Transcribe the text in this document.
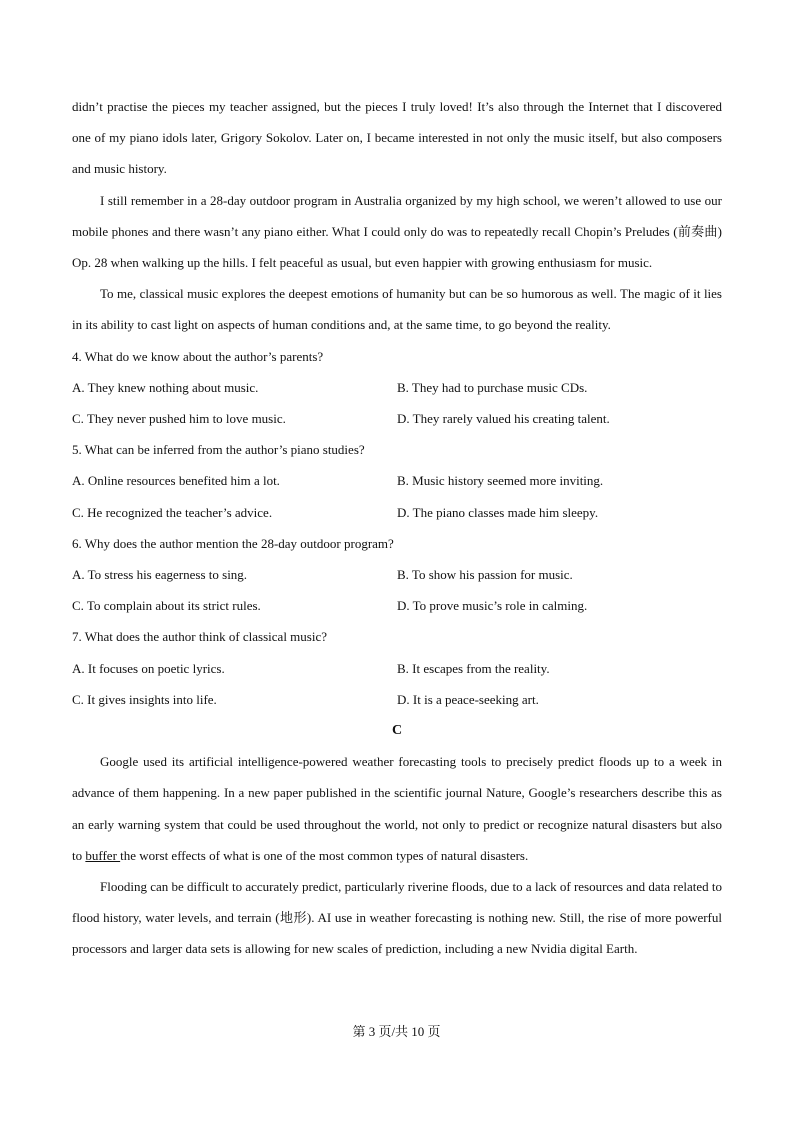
didn’t practise the pieces my teacher assigned, but the pieces I truly loved! It’s also through the Internet that I discovered one of my piano idols later, Grigory Sokolov. Later on, I became interested in not only the music itself, but also composers and music history.

I still remember in a 28-day outdoor program in Australia organized by my high school, we weren’t allowed to use our mobile phones and there wasn’t any piano either. What I could only do was to repeatedly recall Chopin’s Preludes (前奏曲) Op. 28 when walking up the hills. I felt peaceful as usual, but even happier with growing enthusiasm for music.

To me, classical music explores the deepest emotions of humanity but can be so humorous as well. The magic of it lies in its ability to cast light on aspects of human conditions and, at the same time, to go beyond the reality.

4. What do we know about the author’s parents?

A. They knew nothing about music.	B. They had to purchase music CDs.
C. They never pushed him to love music.	D. They rarely valued his creating talent.

5. What can be inferred from the author’s piano studies?

A. Online resources benefited him a lot.	B. Music history seemed more inviting.
C. He recognized the teacher’s advice.	D. The piano classes made him sleepy.

6. Why does the author mention the 28-day outdoor program?

A. To stress his eagerness to sing.	B. To show his passion for music.
C. To complain about its strict rules.	D. To prove music’s role in calming.

7. What does the author think of classical music?

A. It focuses on poetic lyrics.	B. It escapes from the reality.
C. It gives insights into life.	D. It is a peace-seeking art.
C

Google used its artificial intelligence-powered weather forecasting tools to precisely predict floods up to a week in advance of them happening. In a new paper published in the scientific journal Nature, Google’s researchers describe this as an early warning system that could be used throughout the world, not only to predict or recognize natural disasters but also to buffer the worst effects of what is one of the most common types of natural disasters.

Flooding can be difficult to accurately predict, particularly riverine floods, due to a lack of resources and data related to flood history, water levels, and terrain (地形). AI use in weather forecasting is nothing new. Still, the rise of more powerful processors and larger data sets is allowing for new scales of prediction, including a new Nvidia digital Earth.

第 3 页/共 10 页
